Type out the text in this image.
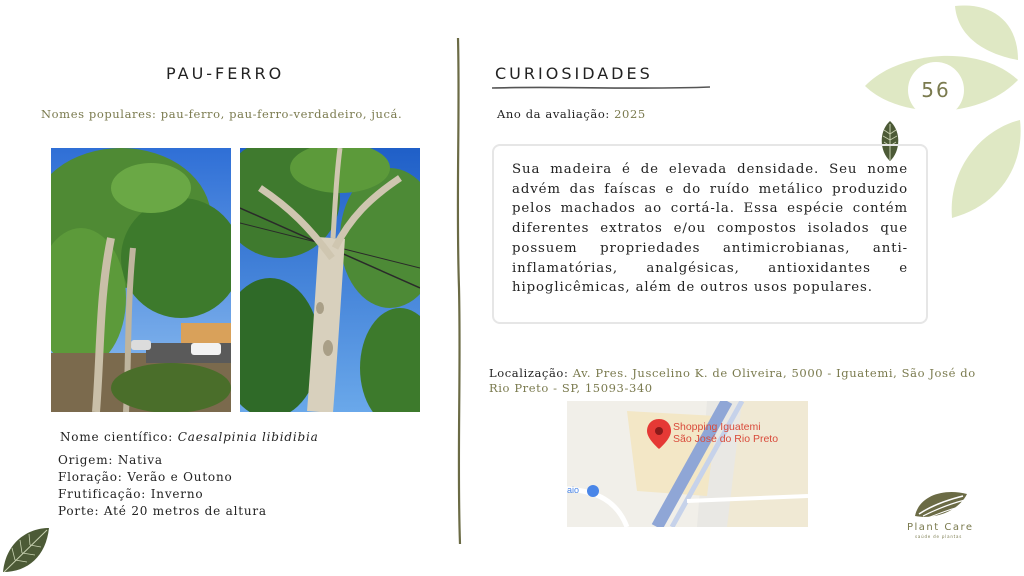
56
PAU-FERRO
Nomes populares: pau-ferro, pau-ferro-verdadeiro, jucá.
Nome científico: Caesalpinia libidibia
Origem: Nativa
Floração: Verão e Outono
Frutificação: Inverno
Porte: Até 20 metros de altura
CURIOSIDADES
Ano da avaliação: 2025
Sua madeira é de elevada densidade. Seu nome advém das faíscas e do ruído metálico produzido pelos machados ao cortá-la. Essa espécie contém diferentes extratos e/ou compostos isolados que possuem propriedades antimicrobianas, anti-inflamatórias, analgésicas, antioxidantes e hipoglicêmicas, além de outros usos populares.
Localização: Av. Pres. Juscelino K. de Oliveira, 5000 - Iguatemi, São José do Rio Preto - SP, 15093-340
Shopping Iguatemi
São José do Rio Preto
aio
Plant Care
saúde de plantas
